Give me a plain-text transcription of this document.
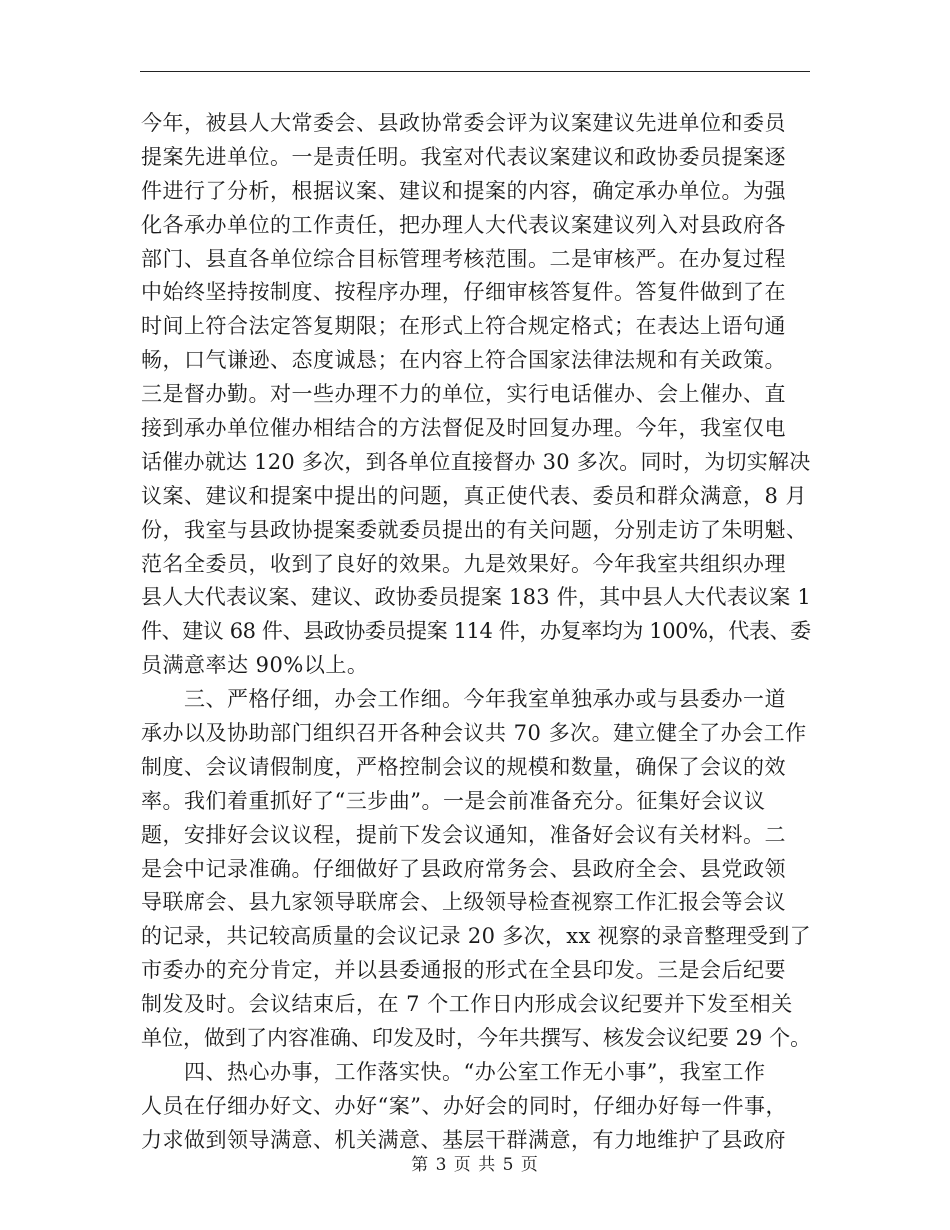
今年，被县人大常委会、县政协常委会评为议案建议先进单位和委员
提案先进单位。一是责任明。我室对代表议案建议和政协委员提案逐
件进行了分析，根据议案、建议和提案的内容，确定承办单位。为强
化各承办单位的工作责任，把办理人大代表议案建议列入对县政府各
部门、县直各单位综合目标管理考核范围。二是审核严。在办复过程
中始终坚持按制度、按程序办理，仔细审核答复件。答复件做到了在
时间上符合法定答复期限；在形式上符合规定格式；在表达上语句通
畅，口气谦逊、态度诚恳；在内容上符合国家法律法规和有关政策。
三是督办勤。对一些办理不力的单位，实行电话催办、会上催办、直
接到承办单位催办相结合的方法督促及时回复办理。今年，我室仅电
话催办就达 120 多次，到各单位直接督办 30 多次。同时，为切实解决
议案、建议和提案中提出的问题，真正使代表、委员和群众满意，8 月
份，我室与县政协提案委就委员提出的有关问题，分别走访了朱明魁、
范名全委员，收到了良好的效果。九是效果好。今年我室共组织办理
县人大代表议案、建议、政协委员提案 183 件，其中县人大代表议案 1
件、建议 68 件、县政协委员提案 114 件，办复率均为 100%，代表、委
员满意率达 90%以上。
　　三、严格仔细，办会工作细。今年我室单独承办或与县委办一道
承办以及协助部门组织召开各种会议共 70 多次。建立健全了办会工作
制度、会议请假制度，严格控制会议的规模和数量，确保了会议的效
率。我们着重抓好了“三步曲”。一是会前准备充分。征集好会议议
题，安排好会议议程，提前下发会议通知，准备好会议有关材料。二
是会中记录准确。仔细做好了县政府常务会、县政府全会、县党政领
导联席会、县九家领导联席会、上级领导检查视察工作汇报会等会议
的记录，共记较高质量的会议记录 20 多次，xx 视察的录音整理受到了
市委办的充分肯定，并以县委通报的形式在全县印发。三是会后纪要
制发及时。会议结束后，在 7 个工作日内形成会议纪要并下发至相关
单位，做到了内容准确、印发及时，今年共撰写、核发会议纪要 29 个。
　　四、热心办事，工作落实快。“办公室工作无小事”，我室工作
人员在仔细办好文、办好“案”、办好会的同时，仔细办好每一件事，
力求做到领导满意、机关满意、基层干群满意，有力地维护了县政府
第 3 页 共 5 页
